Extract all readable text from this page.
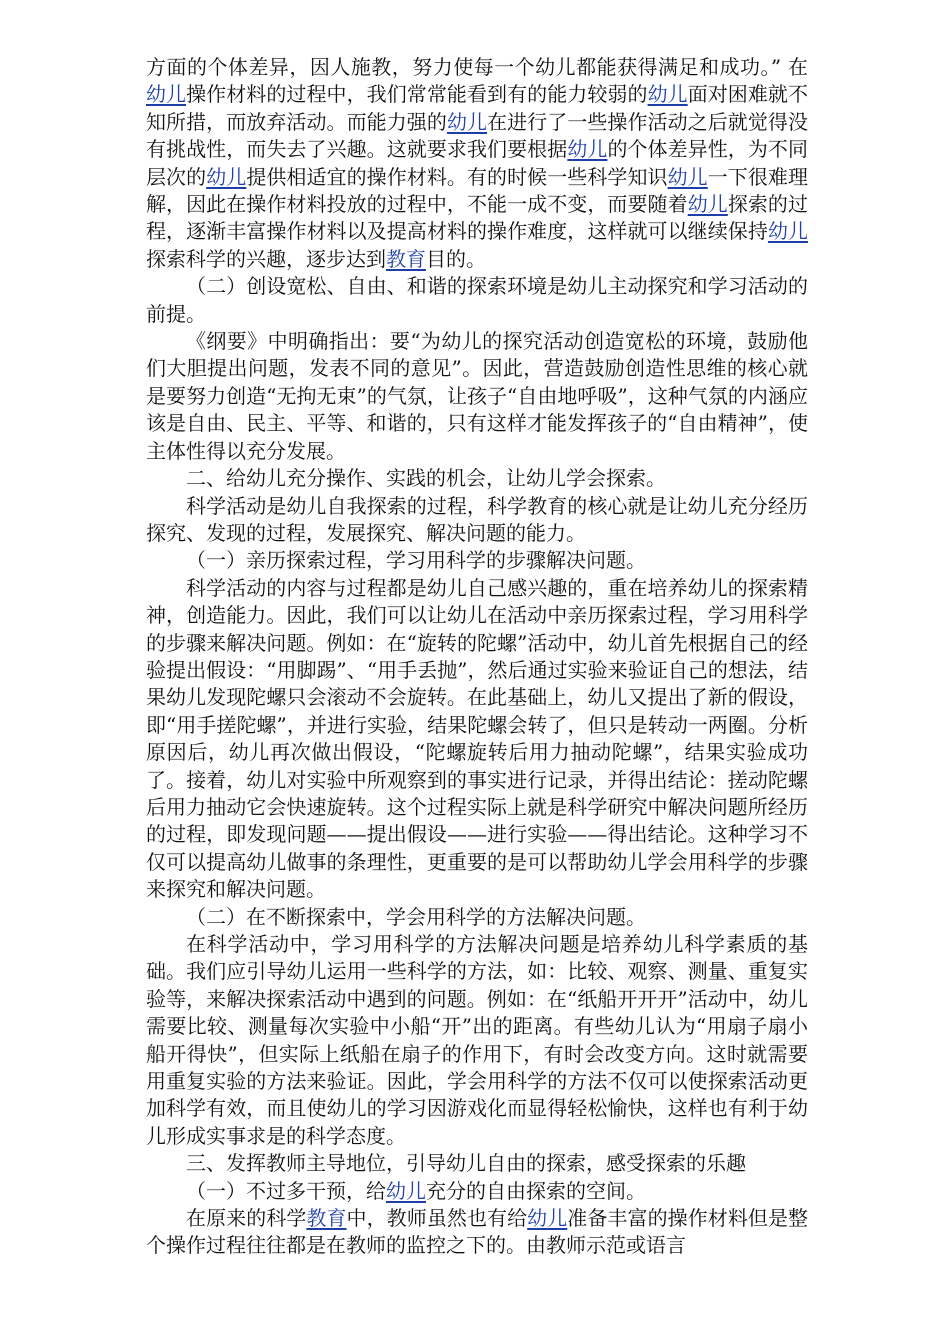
方面的个体差异，因人施教，努力使每一个幼儿都能获得满足和成功。” 在幼儿操作材料的过程中，我们常常能看到有的能力较弱的幼儿面对困难就不知所措，而放弃活动。而能力强的幼儿在进行了一些操作活动之后就觉得没有挑战性，而失去了兴趣。这就要求我们要根据幼儿的个体差异性，为不同层次的幼儿提供相适宜的操作材料。有的时候一些科学知识幼儿一下很难理解，因此在操作材料投放的过程中，不能一成不变，而要随着幼儿探索的过程，逐渐丰富操作材料以及提高材料的操作难度，这样就可以继续保持幼儿探索科学的兴趣，逐步达到教育目的。

（二）创设宽松、自由、和谐的探索环境是幼儿主动探究和学习活动的前提。

《纲要》中明确指出：要“为幼儿的探究活动创造宽松的环境，鼓励他们大胆提出问题，发表不同的意见”。因此，营造鼓励创造性思维的核心就是要努力创造“无拘无束”的气氛，让孩子“自由地呼吸”，这种气氛的内涵应该是自由、民主、平等、和谐的，只有这样才能发挥孩子的“自由精神”，使主体性得以充分发展。

二、给幼儿充分操作、实践的机会，让幼儿学会探索。

科学活动是幼儿自我探索的过程，科学教育的核心就是让幼儿充分经历探究、发现的过程，发展探究、解决问题的能力。

（一）亲历探索过程，学习用科学的步骤解决问题。

科学活动的内容与过程都是幼儿自己感兴趣的，重在培养幼儿的探索精神，创造能力。因此，我们可以让幼儿在活动中亲历探索过程，学习用科学的步骤来解决问题。例如：在“旋转的陀螺”活动中，幼儿首先根据自己的经验提出假设：“用脚踢”、“用手丢抛”，然后通过实验来验证自己的想法，结果幼儿发现陀螺只会滚动不会旋转。在此基础上，幼儿又提出了新的假设，即“用手搓陀螺”，并进行实验，结果陀螺会转了，但只是转动一两圈。分析原因后，幼儿再次做出假设，“陀螺旋转后用力抽动陀螺”，结果实验成功了。接着，幼儿对实验中所观察到的事实进行记录，并得出结论：搓动陀螺后用力抽动它会快速旋转。这个过程实际上就是科学研究中解决问题所经历的过程，即发现问题——提出假设——进行实验——得出结论。这种学习不仅可以提高幼儿做事的条理性，更重要的是可以帮助幼儿学会用科学的步骤来探究和解决问题。

（二）在不断探索中，学会用科学的方法解决问题。

在科学活动中，学习用科学的方法解决问题是培养幼儿科学素质的基础。我们应引导幼儿运用一些科学的方法，如：比较、观察、测量、重复实验等，来解决探索活动中遇到的问题。例如：在“纸船开开开”活动中，幼儿需要比较、测量每次实验中小船“开”出的距离。有些幼儿认为“用扇子扇小船开得快”，但实际上纸船在扇子的作用下，有时会改变方向。这时就需要用重复实验的方法来验证。因此，学会用科学的方法不仅可以使探索活动更加科学有效，而且使幼儿的学习因游戏化而显得轻松愉快，这样也有利于幼儿形成实事求是的科学态度。

三、发挥教师主导地位，引导幼儿自由的探索，感受探索的乐趣

（一）不过多干预，给幼儿充分的自由探索的空间。

在原来的科学教育中，教师虽然也有给幼儿准备丰富的操作材料但是整个操作过程往往都是在教师的监控之下的。由教师示范或语言
